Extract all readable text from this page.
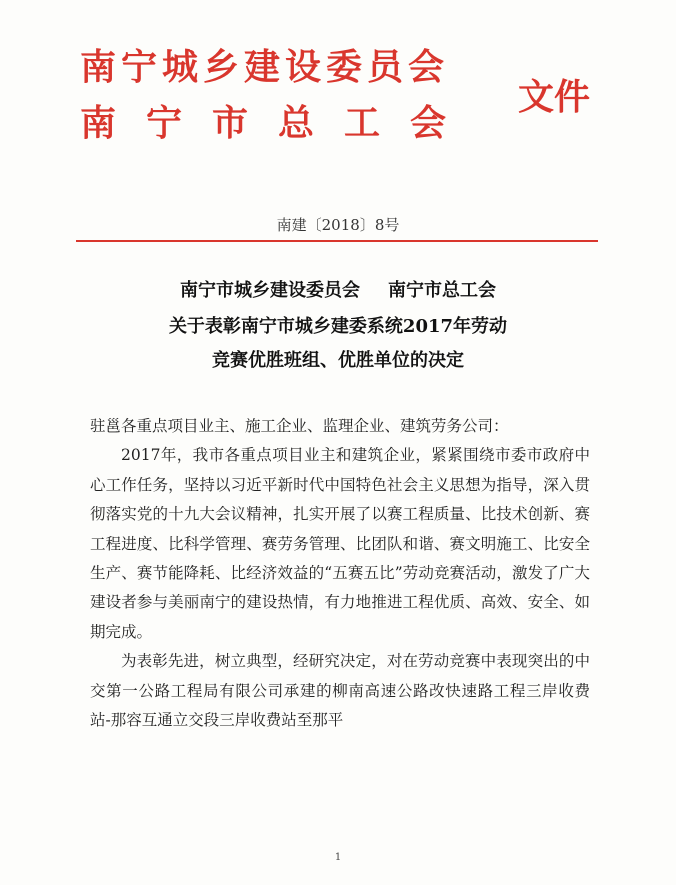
南宁城乡建设委员会
南宁市总工会
文件
南建〔2018〕8号
南宁市城乡建设委员会 南宁市总工会
关于表彰南宁市城乡建委系统2017年劳动
竞赛优胜班组、优胜单位的决定

驻邕各重点项目业主、施工企业、监理企业、建筑劳务公司：

2017年，我市各重点项目业主和建筑企业，紧紧围绕市委市政府中心工作任务，坚持以习近平新时代中国特色社会主义思想为指导，深入贯彻落实党的十九大会议精神，扎实开展了以赛工程质量、比技术创新、赛工程进度、比科学管理、赛劳务管理、比团队和谐、赛文明施工、比安全生产、赛节能降耗、比经济效益的“五赛五比”劳动竞赛活动，激发了广大建设者参与美丽南宁的建设热情，有力地推进工程优质、高效、安全、如期完成。

为表彰先进，树立典型，经研究决定，对在劳动竞赛中表现突出的中交第一公路工程局有限公司承建的柳南高速公路改快速路工程三岸收费站-那容互通立交段三岸收费站至那平

1
